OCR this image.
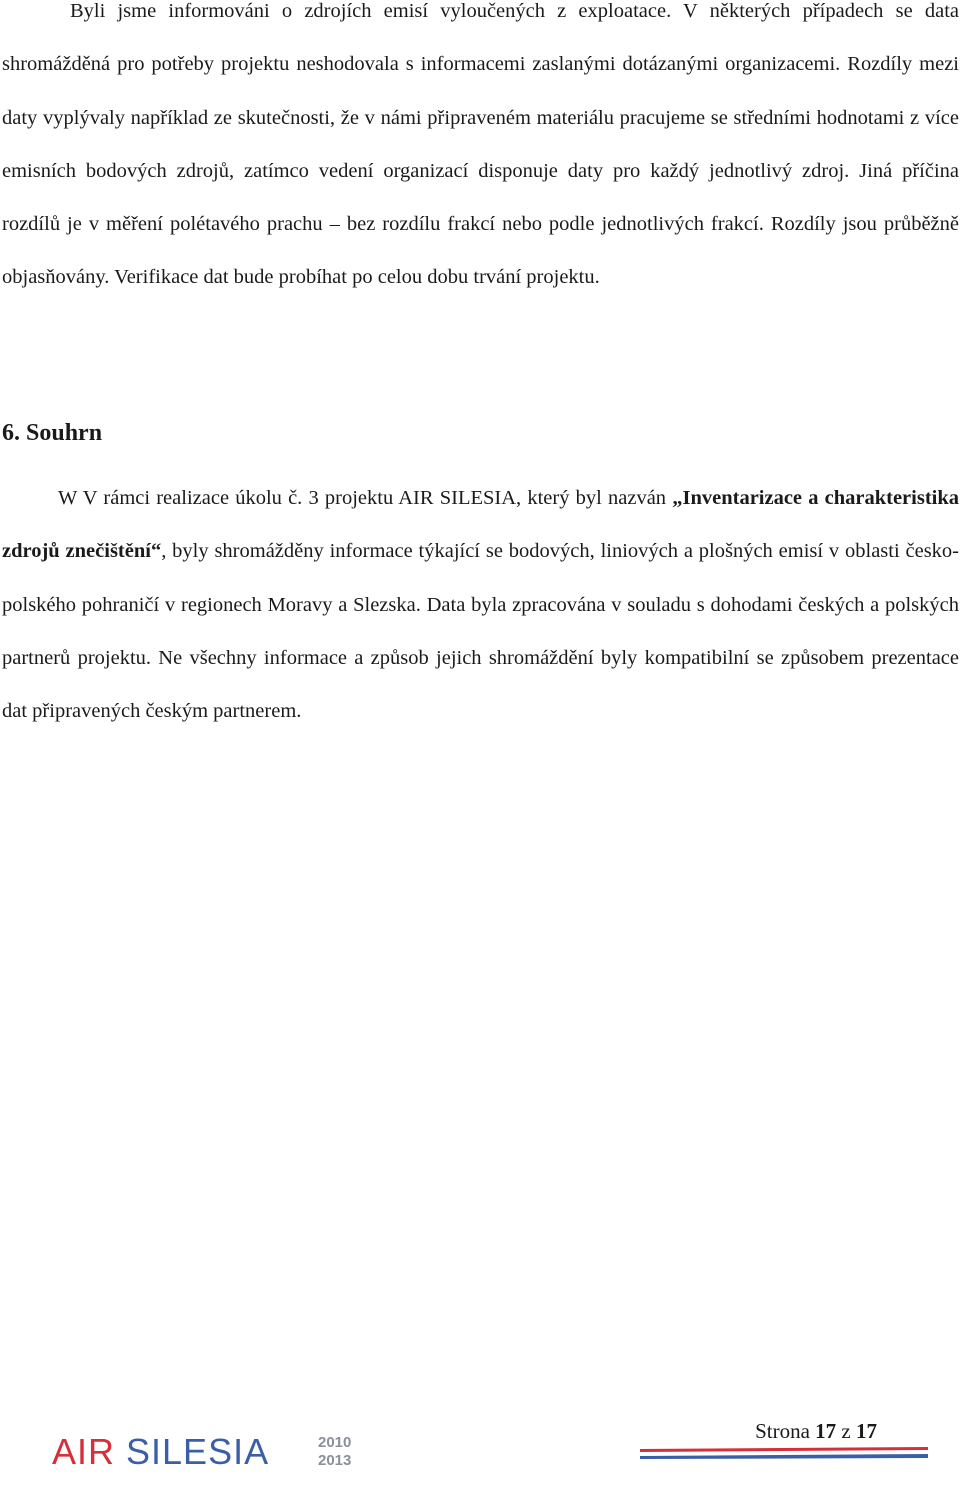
Byli jsme informováni o zdrojích emisí vyloučených z exploatace. V některých případech se data shromážděná pro potřeby projektu neshodovala s informacemi zaslanými dotázanými organizacemi. Rozdíly mezi daty vyplývaly například ze skutečnosti, že v námi připraveném materiálu pracujeme se středními hodnotami z více emisních bodových zdrojů, zatímco vedení organizací disponuje daty pro každý jednotlivý zdroj. Jiná příčina rozdílů je v měření polétavého prachu – bez rozdílu frakcí nebo podle jednotlivých frakcí. Rozdíly jsou průběžně objasňovány. Verifikace dat bude probíhat po celou dobu trvání projektu.

6. Souhrn

W V rámci realizace úkolu č. 3 projektu AIR SILESIA, který byl nazván „Inventarizace a charakteristika zdrojů znečištění“, byly shromážděny informace týkající se bodových, liniových a plošných emisí v oblasti česko-polského pohraničí v regionech Moravy a Slezska. Data byla zpracována v souladu s dohodami českých a polských partnerů projektu. Ne všechny informace a způsob jejich shromáždění byly kompatibilní se způsobem prezentace dat připravených českým partnerem.

Strona 17 z 17
AIR SILESIA	2010
2013
